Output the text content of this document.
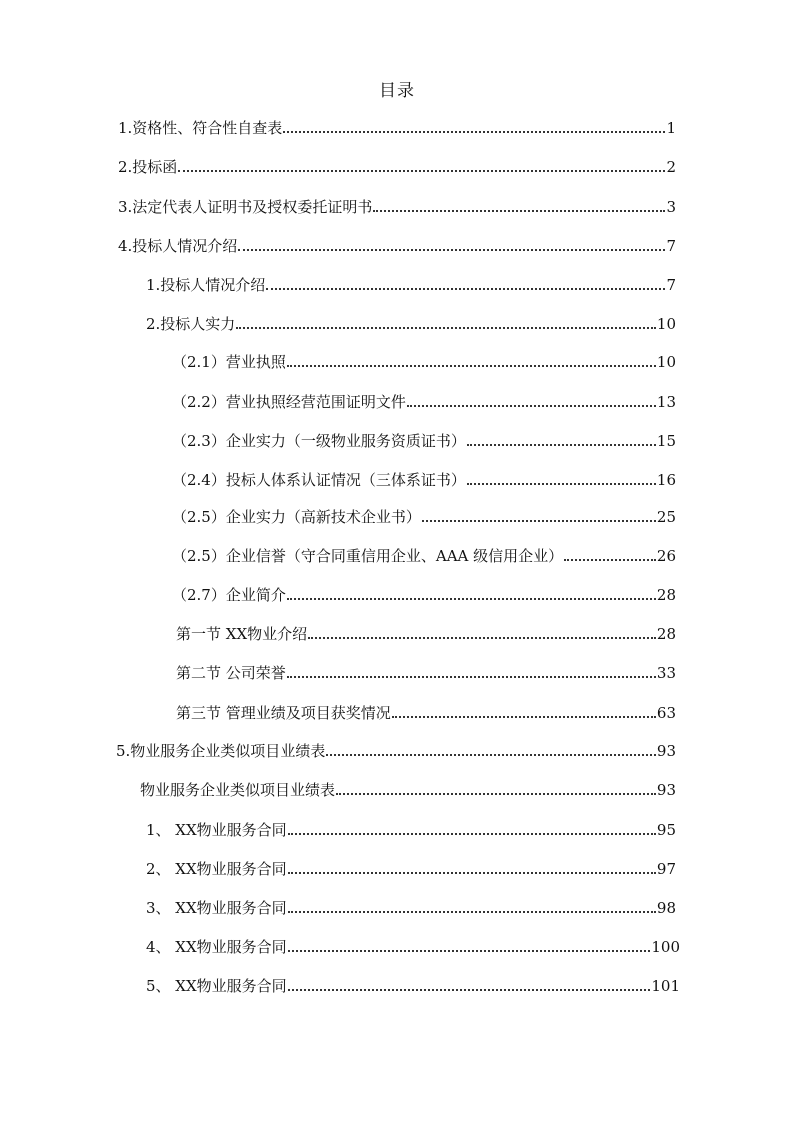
目录
1.资格性、符合性自查表	1
2.投标函	2
3.法定代表人证明书及授权委托证明书	3
4.投标人情况介绍	7
1.投标人情况介绍	7
2.投标人实力	10
（2.1）营业执照	10
（2.2）营业执照经营范围证明文件	13
（2.3）企业实力（一级物业服务资质证书）	15
（2.4）投标人体系认证情况（三体系证书）	16
（2.5）企业实力（高新技术企业书）	25
（2.5）企业信誉（守合同重信用企业、AAA 级信用企业）	26
（2.7）企业简介	28
第一节 XX物业介绍	28
第二节 公司荣誉	33
第三节 管理业绩及项目获奖情况	63
5.物业服务企业类似项目业绩表	93
物业服务企业类似项目业绩表	93
1、 XX物业服务合同	95
2、 XX物业服务合同	97
3、 XX物业服务合同	98
4、 XX物业服务合同	100
5、 XX物业服务合同	101
